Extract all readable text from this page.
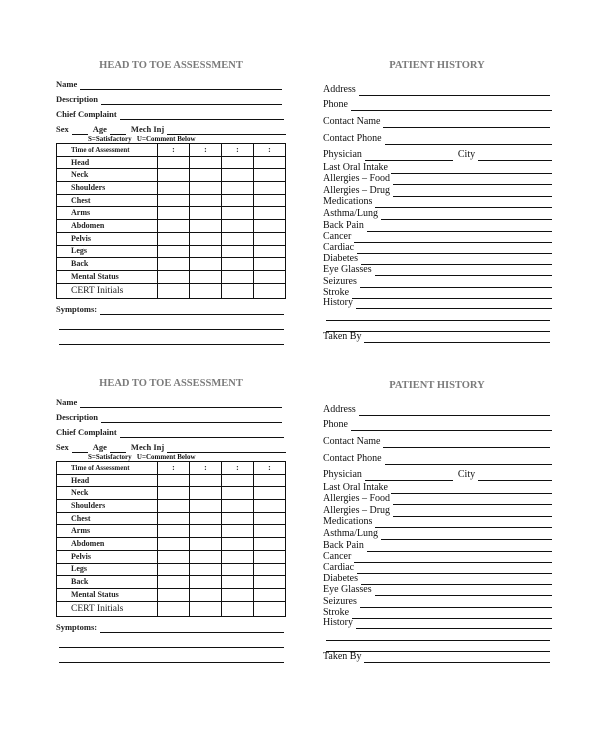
HEAD TO TOE ASSESSMENT
Name
Description
Chief Complaint
Sex	Age	Mech Inj
S=Satisfactory   U=Comment Below
Time of Assessment	:	:	:	:
Head				
Neck				
Shoulders				
Chest				
Arms				
Abdomen				
Pelvis				
Legs				
Back				
Mental Status				
CERT Initials				
Symptoms:
PATIENT HISTORY
Address
Phone
Contact Name
Contact Phone
Physician	City
Last Oral Intake
Allergies – Food
Allergies – Drug
Medications
Asthma/Lung
Back Pain
Cancer
Cardiac
Diabetes
Eye Glasses
Seizures
Stroke
History
Taken By
HEAD TO TOE ASSESSMENT
Name
Description
Chief Complaint
Sex	Age	Mech Inj
S=Satisfactory   U=Comment Below
Time of Assessment	:	:	:	:
Head				
Neck				
Shoulders				
Chest				
Arms				
Abdomen				
Pelvis				
Legs				
Back				
Mental Status				
CERT Initials				
Symptoms:
PATIENT HISTORY
Address
Phone
Contact Name
Contact Phone
Physician	City
Last Oral Intake
Allergies – Food
Allergies – Drug
Medications
Asthma/Lung
Back Pain
Cancer
Cardiac
Diabetes
Eye Glasses
Seizures
Stroke
History
Taken By
